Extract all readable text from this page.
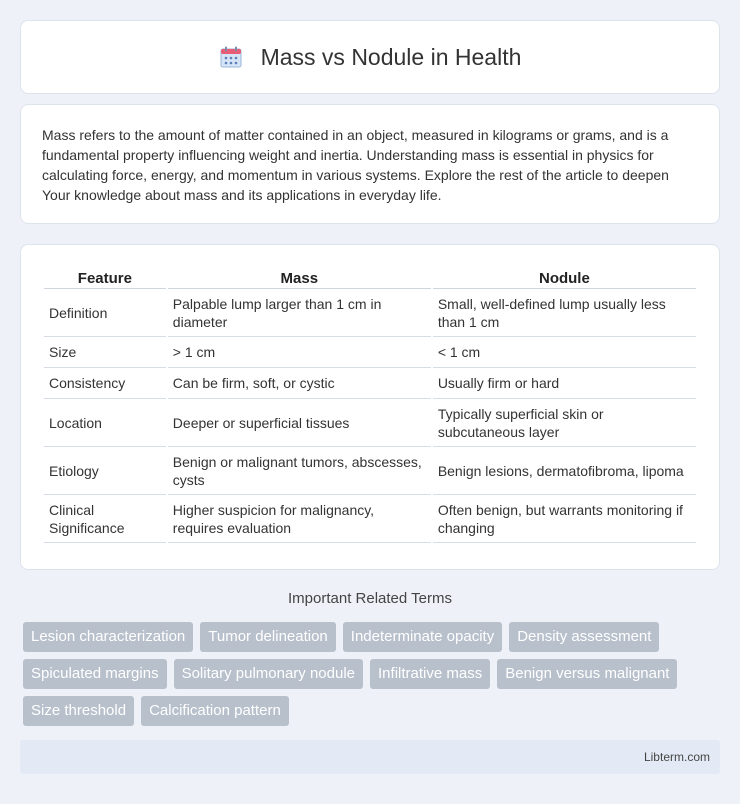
Mass vs Nodule in Health

Mass refers to the amount of matter contained in an object, measured in kilograms or grams, and is a fundamental property influencing weight and inertia. Understanding mass is essential in physics for calculating force, energy, and momentum in various systems. Explore the rest of the article to deepen Your knowledge about mass and its applications in everyday life.

Feature	Mass	Nodule
Definition	Palpable lump larger than 1 cm in diameter	Small, well-defined lump usually less than 1 cm
Size	> 1 cm	< 1 cm
Consistency	Can be firm, soft, or cystic	Usually firm or hard
Location	Deeper or superficial tissues	Typically superficial skin or subcutaneous layer
Etiology	Benign or malignant tumors, abscesses, cysts	Benign lesions, dermatofibroma, lipoma
Clinical Significance	Higher suspicion for malignancy, requires evaluation	Often benign, but warrants monitoring if changing
Important Related Terms
Lesion characterization	Tumor delineation	Indeterminate opacity	Density assessment
Spiculated margins	Solitary pulmonary nodule	Infiltrative mass	Benign versus malignant
Size threshold	Calcification pattern
Libterm.com
